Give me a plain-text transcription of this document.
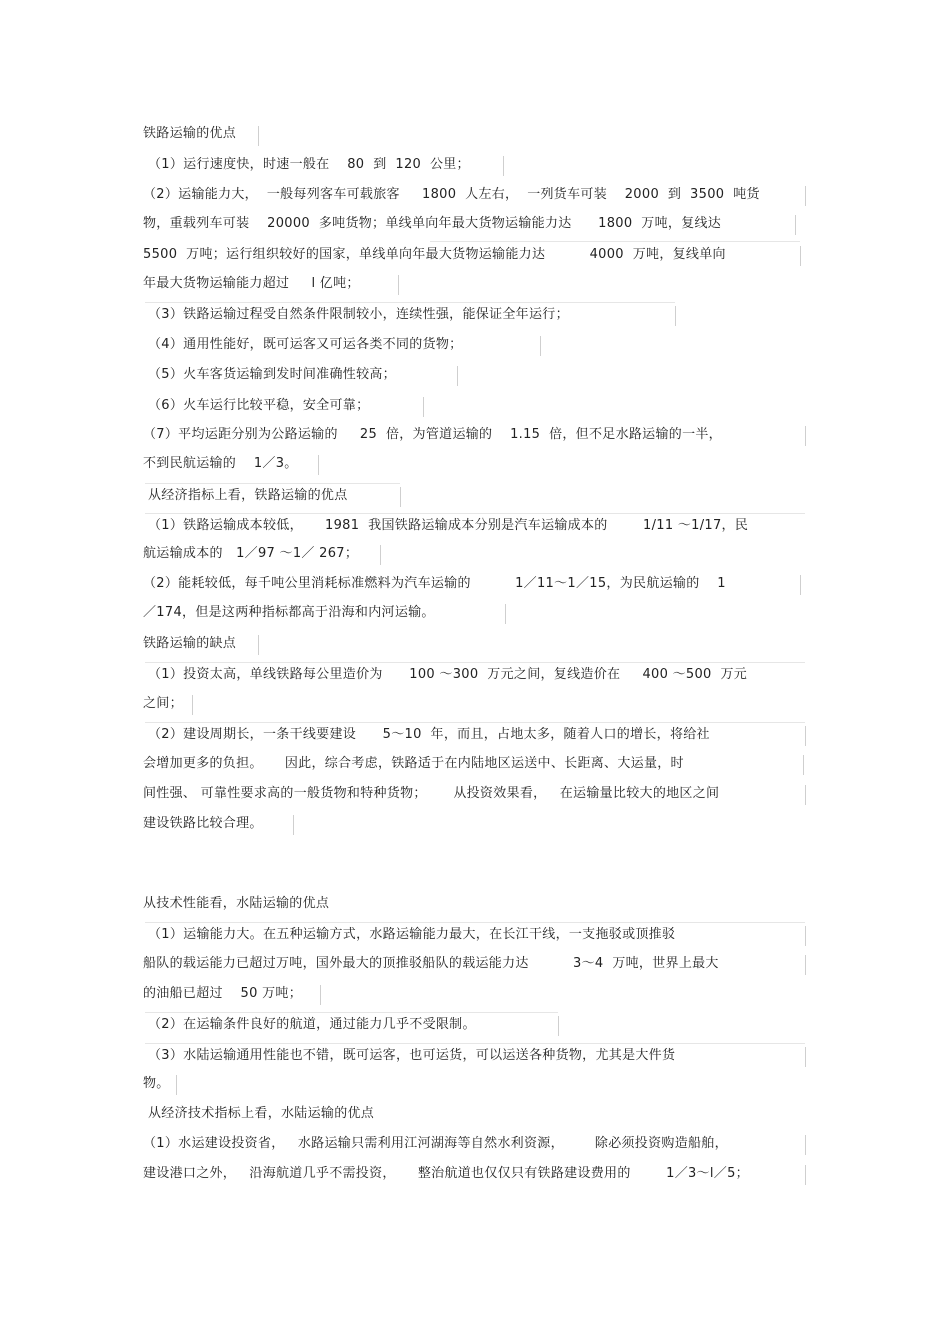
铁路运输的优点
（1）运行速度快，时速一般在    80  到  120  公里；
（2）运输能力大，  一般每列客车可载旅客     1800  人左右，  一列货车可装    2000  到  3500  吨货
物，重载列车可装    20000  多吨货物；单线单向年最大货物运输能力达      1800  万吨，复线达
5500  万吨；运行组织较好的国家，单线单向年最大货物运输能力达          4000  万吨，复线单向
年最大货物运输能力超过     l 亿吨；
（3）铁路运输过程受自然条件限制较小，连续性强，能保证全年运行；
（4）通用性能好，既可运客又可运各类不同的货物；
（5）火车客货运输到发时间准确性较高；
（6）火车运行比较平稳，安全可靠；
（7）平均运距分别为公路运输的     25  倍，为管道运输的    1.15  倍，但不足水路运输的一半，
不到民航运输的    1／3。
从经济指标上看，铁路运输的优点
（1）铁路运输成本较低，     1981  我国铁路运输成本分别是汽车运输成本的        1/11 ～1/17，民
航运输成本的   1／97 ～1／ 267；
（2）能耗较低，每千吨公里消耗标准燃料为汽车运输的          1／11～1／15，为民航运输的    1
／174，但是这两种指标都高于沿海和内河运输。
铁路运输的缺点
（1）投资太高，单线铁路每公里造价为      100 ～300  万元之间，复线造价在     400 ～500  万元
之间；
（2）建设周期长，一条干线要建设      5～10  年，而且，占地太多，随着人口的增长，将给社
会增加更多的负担。     因此，综合考虑，铁路适于在内陆地区运送中、长距离、大运量，时
间性强、 可靠性要求高的一般货物和特种货物；      从投资效果看，   在运输量比较大的地区之间
建设铁路比较合理。
从技术性能看，水陆运输的优点
（1）运输能力大。在五种运输方式，水路运输能力最大，在长江干线，一支拖驳或顶推驳
船队的载运能力已超过万吨，国外最大的顶推驳船队的载运能力达          3～4  万吨，世界上最大
的油船已超过    50 万吨；
（2）在运输条件良好的航道，通过能力几乎不受限制。
（3）水陆运输通用性能也不错，既可运客，也可运货，可以运送各种货物，尤其是大件货
物。
从经济技术指标上看，水陆运输的优点
（1）水运建设投资省，   水路运输只需利用江河湖海等自然水利资源，       除必须投资购造船舶，
建设港口之外，   沿海航道几乎不需投资，     整治航道也仅仅只有铁路建设费用的        1／3～l／5；
